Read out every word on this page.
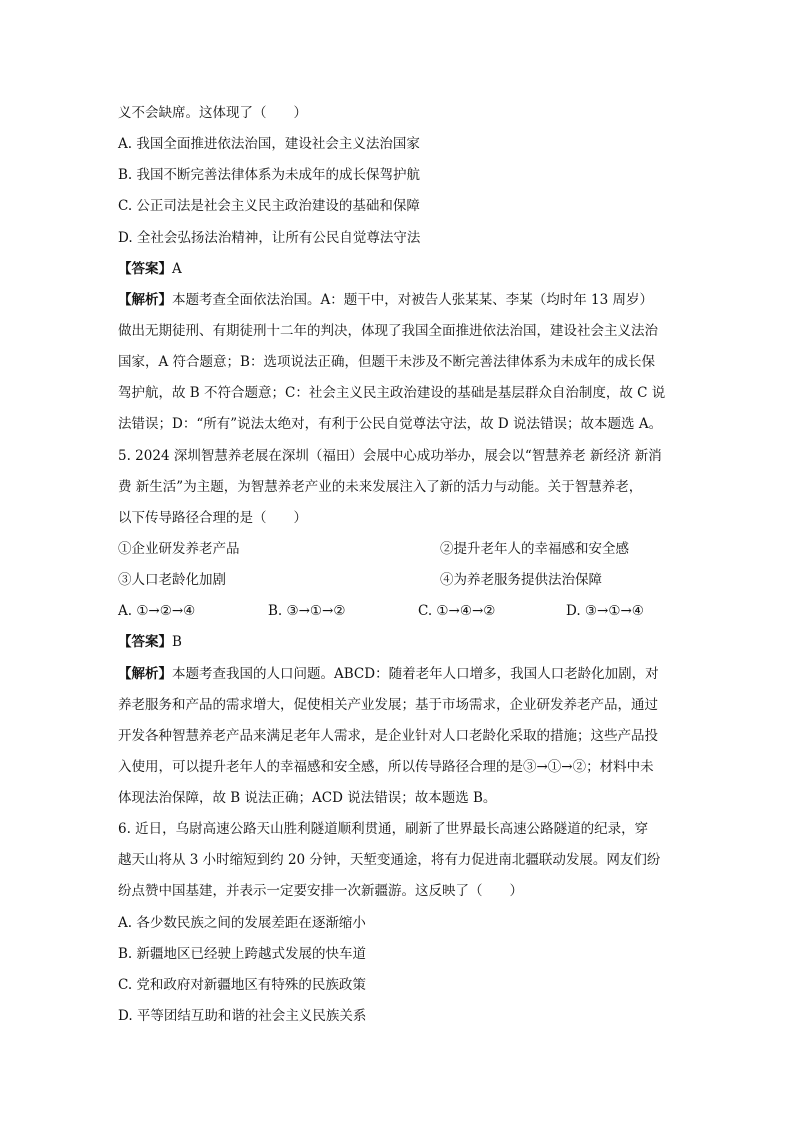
义不会缺席。这体现了（　　）
A. 我国全面推进依法治国，建设社会主义法治国家
B. 我国不断完善法律体系为未成年的成长保驾护航
C. 公正司法是社会主义民主政治建设的基础和保障
D. 全社会弘扬法治精神，让所有公民自觉尊法守法
【答案】A
【解析】本题考查全面依法治国。A：题干中，对被告人张某某、李某（均时年 13 周岁）
做出无期徒刑、有期徒刑十二年的判决，体现了我国全面推进依法治国，建设社会主义法治
国家，A 符合题意；B：选项说法正确，但题干未涉及不断完善法律体系为未成年的成长保
驾护航，故 B 不符合题意；C：社会主义民主政治建设的基础是基层群众自治制度，故 C 说
法错误；D：“所有”说法太绝对，有利于公民自觉尊法守法，故 D 说法错误；故本题选 A。
5. 2024 深圳智慧养老展在深圳（福田）会展中心成功举办，展会以“智慧养老 新经济 新消
费 新生活”为主题，为智慧养老产业的未来发展注入了新的活力与动能。关于智慧养老，
以下传导路径合理的是（　　）
①企业研发养老产品	②提升老年人的幸福感和安全感
③人口老龄化加剧	④为养老服务提供法治保障
A. ①→②→④	B. ③→①→②	C. ①→④→②	D. ③→①→④
【答案】B
【解析】本题考查我国的人口问题。ABCD：随着老年人口增多，我国人口老龄化加剧，对
养老服务和产品的需求增大，促使相关产业发展；基于市场需求，企业研发养老产品，通过
开发各种智慧养老产品来满足老年人需求，是企业针对人口老龄化采取的措施；这些产品投
入使用，可以提升老年人的幸福感和安全感，所以传导路径合理的是③→①→②；材料中未
体现法治保障，故 B 说法正确；ACD 说法错误；故本题选 B。
6. 近日，乌尉高速公路天山胜利隧道顺利贯通，刷新了世界最长高速公路隧道的纪录，穿
越天山将从 3 小时缩短到约 20 分钟，天堑变通途，将有力促进南北疆联动发展。网友们纷
纷点赞中国基建，并表示一定要安排一次新疆游。这反映了（　　）
A. 各少数民族之间的发展差距在逐渐缩小
B. 新疆地区已经驶上跨越式发展的快车道
C. 党和政府对新疆地区有特殊的民族政策
D. 平等团结互助和谐的社会主义民族关系
